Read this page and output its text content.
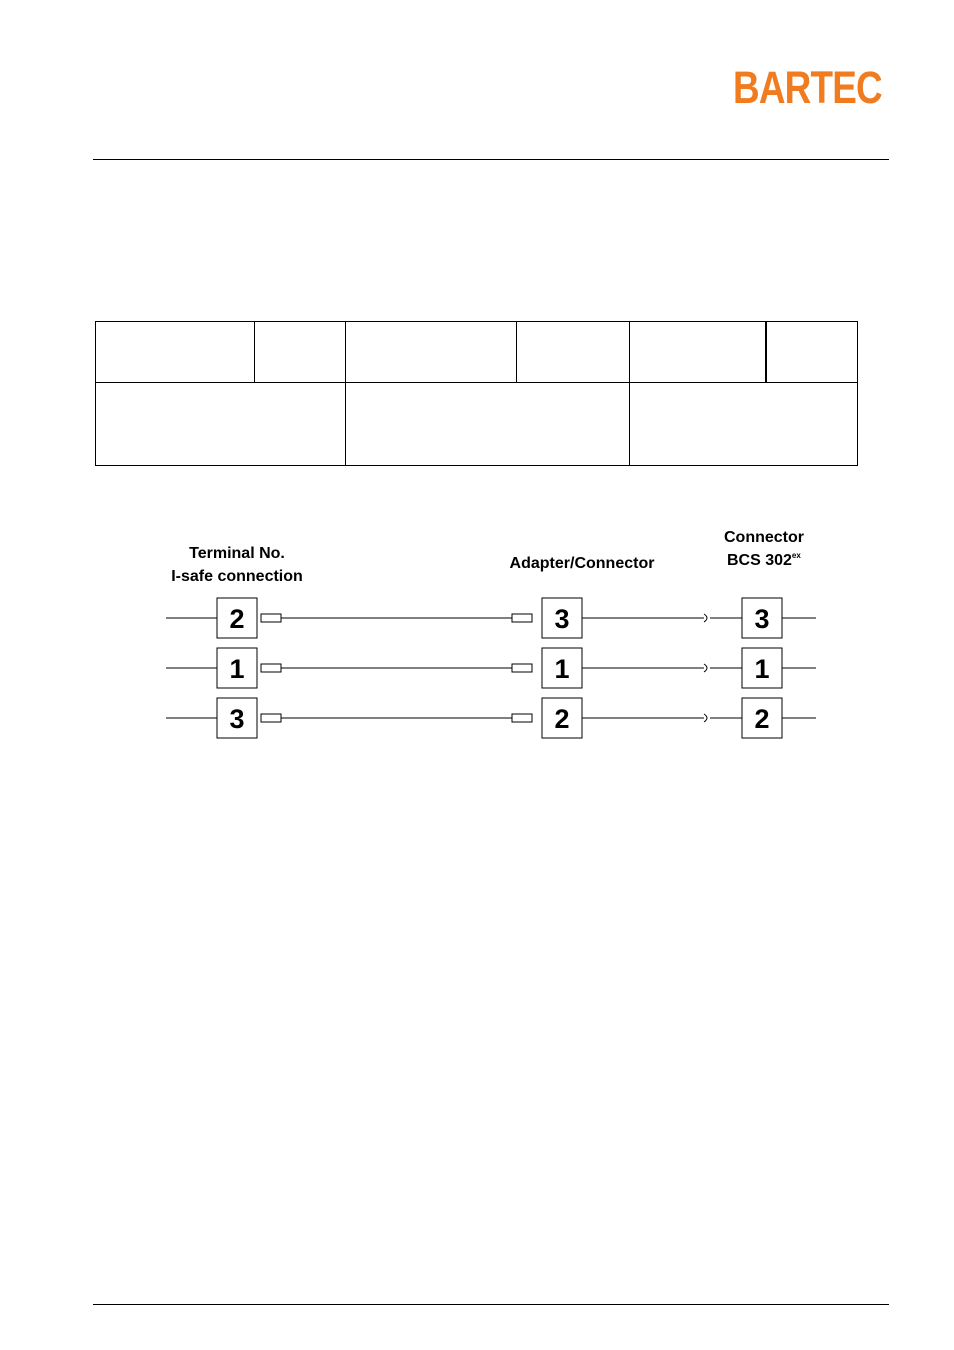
BARTEC
Terminal No.
I-safe connection
Adapter/Connector
Connector
BCS $302^{ex}$
2	3	3
1	1	1
3	2	2
